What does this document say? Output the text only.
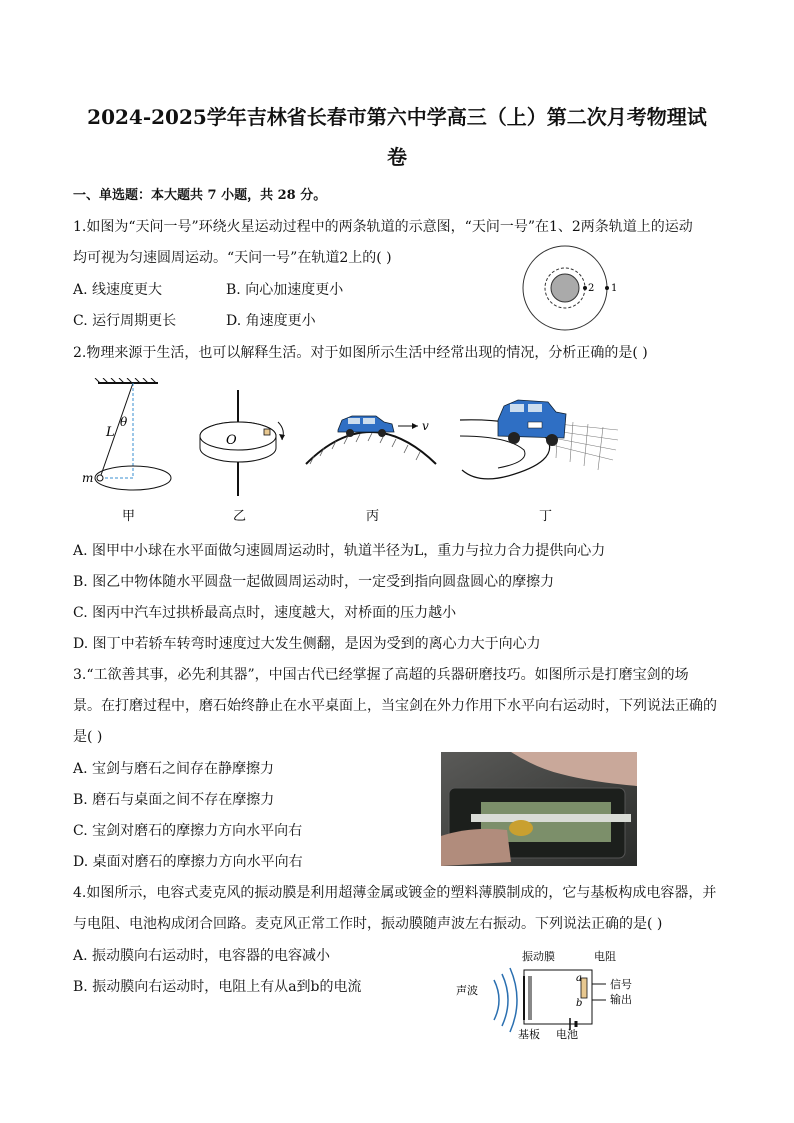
2024-2025学年吉林省长春市第六中学高三（上）第二次月考物理试
卷
一、单选题：本大题共 7 小题，共 28 分。
1.如图为“天问一号”环绕火星运动过程中的两条轨道的示意图，“天问一号”在1、2两条轨道上的运动
均可视为匀速圆周运动。“天问一号”在轨道2上的( )
A. 线速度更大	B. 向心加速度更小
C. 运行周期更长	D. 角速度更小
2 1
2.物理来源于生活，也可以解释生活。对于如图所示生活中经常出现的情况，分析正确的是( )
L
θ
m
甲
O
乙
v
丙	丁
A. 图甲中小球在水平面做匀速圆周运动时，轨道半径为L，重力与拉力合力提供向心力
B. 图乙中物体随水平圆盘一起做圆周运动时，一定受到指向圆盘圆心的摩擦力
C. 图丙中汽车过拱桥最高点时，速度越大，对桥面的压力越小
D. 图丁中若轿车转弯时速度过大发生侧翻，是因为受到的离心力大于向心力
3.“工欲善其事，必先利其器”，中国古代已经掌握了高超的兵器研磨技巧。如图所示是打磨宝剑的场
景。在打磨过程中，磨石始终静止在水平桌面上，当宝剑在外力作用下水平向右运动时，下列说法正确的
是( )
A. 宝剑与磨石之间存在静摩擦力
B. 磨石与桌面之间不存在摩擦力
C. 宝剑对磨石的摩擦力方向水平向右
D. 桌面对磨石的摩擦力方向水平向右
4.如图所示，电容式麦克风的振动膜是利用超薄金属或镀金的塑料薄膜制成的，它与基板构成电容器，并
与电阻、电池构成闭合回路。麦克风正常工作时，振动膜随声波左右振动。下列说法正确的是( )
A. 振动膜向右运动时，电容器的电容减小
B. 振动膜向右运动时，电阻上有从a到b的电流	声波
振动膜	电阻
a
b
信号
输出
基板 电池
